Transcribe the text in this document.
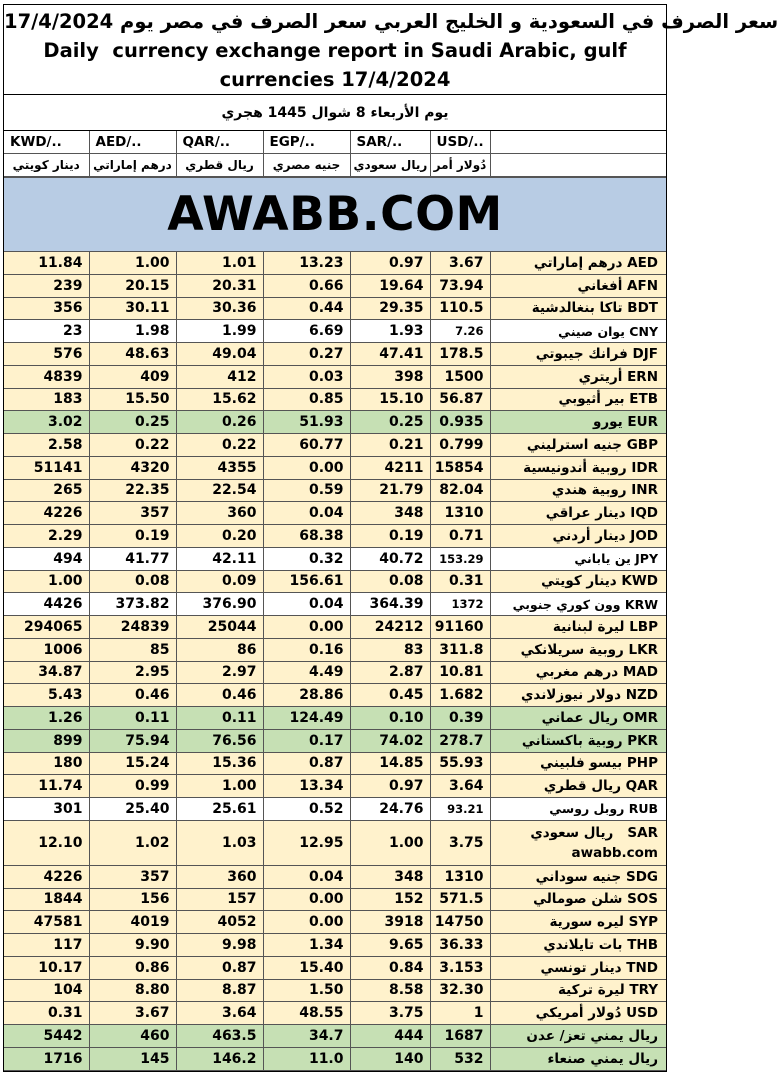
سعر الصرف في السعودية و الخليج العربي سعر الصرف في مصر يوم 17/4/2024
Daily  currency exchange report in Saudi Arabic, gulf
currencies 17/4/2024
يوم الأربعاء 8 شوال 1445 هجري
KWD/..	AED/..	QAR/..	EGP/..	SAR/..	USD/..	
دينار كويتي	درهم إماراتي	ريال قطري	جنيه مصري	ريال سعودي	دُولار أمر	
AWABB.COM
11.84	1.00	1.01	13.23	0.97	3.67	درهم إماراتي AED
239	20.15	20.31	0.66	19.64	73.94	أفغاني AFN
356	30.11	30.36	0.44	29.35	110.5	تاكا بنغالدشية BDT
23	1.98	1.99	6.69	1.93	7.26	يوان صيني CNY
576	48.63	49.04	0.27	47.41	178.5	فرانك جيبوتي DJF
4839	409	412	0.03	398	1500	أريتري ERN
183	15.50	15.62	0.85	15.10	56.87	بير أثيوبي ETB
3.02	0.25	0.26	51.93	0.25	0.935	يورو EUR
2.58	0.22	0.22	60.77	0.21	0.799	جنيه استرليني GBP
51141	4320	4355	0.00	4211	15854	روبية أندونيسية IDR
265	22.35	22.54	0.59	21.79	82.04	روبية هندي INR
4226	357	360	0.04	348	1310	دينار عراقي IQD
2.29	0.19	0.20	68.38	0.19	0.71	دينار أردني JOD
494	41.77	42.11	0.32	40.72	153.29	ين ياباني JPY
1.00	0.08	0.09	156.61	0.08	0.31	دينار كويتي KWD
4426	373.82	376.90	0.04	364.39	1372	وون كوري جنوبي KRW
294065	24839	25044	0.00	24212	91160	ليرة لبنانية LBP
1006	85	86	0.16	83	311.8	روبية سريلانكي LKR
34.87	2.95	2.97	4.49	2.87	10.81	درهم مغربي MAD
5.43	0.46	0.46	28.86	0.45	1.682	دولار نيوزلاندي NZD
1.26	0.11	0.11	124.49	0.10	0.39	ريال عماني OMR
899	75.94	76.56	0.17	74.02	278.7	روبية باكستاني PKR
180	15.24	15.36	0.87	14.85	55.93	بيسو فلبيني PHP
11.74	0.99	1.00	13.34	0.97	3.64	ريال قطري QAR
301	25.40	25.61	0.52	24.76	93.21	روبل روسي RUB
12.10	1.02	1.03	12.95	1.00	3.75	ريال سعودي   SAR
awabb.com
4226	357	360	0.04	348	1310	جنيه سوداني SDG
1844	156	157	0.00	152	571.5	شلن صومالي SOS
47581	4019	4052	0.00	3918	14750	ليره سورية SYP
117	9.90	9.98	1.34	9.65	36.33	بات تايلاندي THB
10.17	0.86	0.87	15.40	0.84	3.153	دينار تونسي TND
104	8.80	8.87	1.50	8.58	32.30	ليرة تركية TRY
0.31	3.67	3.64	48.55	3.75	1	دُولار أمريكي USD
5442	460	463.5	34.7	444	1687	ريال يمني تعز/ عدن
1716	145	146.2	11.0	140	532	ريال يمني صنعاء
